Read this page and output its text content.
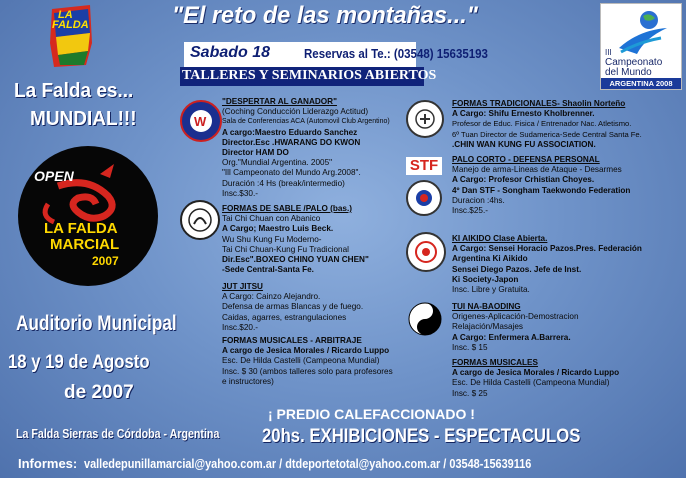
LA
FALDA	"El reto de las montañas..."
Sabado 18	Reservas al Te.: (03548) 15635193
TALLERES Y SEMINARIOS ABIERTOS
III
Campeonato
del Mundo
ARGENTINA 2008
La Falda es...
MUNDIAL!!!
OPEN
LA FALDA
MARCIAL
2007
Auditorio Municipal
18 y 19 de Agosto
de 2007
La Falda Sierras de Córdoba - Argentina
W
"DESPERTAR AL GANADOR"
(Coching Conducción Liderazgo Actitud)
Sala de Conferencias ACA (Automovil Club Argentino)
A cargo:Maestro Eduardo Sanchez
Director.Esc .HWARANG DO KWON
Director HAM DO
Org."Mundial Argentina. 2005"
"Ill Campeonato del Mundo Arg.2008".
Duración :4 Hs (break/intermedio)
Insc.$30.-
FORMAS DE SABLE /PALO (bas.)
Tai Chi Chuan con Abanico
A Cargo; Maestro Luis Beck.
Wu Shu Kung Fu Moderno-
Tai Chi Chuan-Kung Fu Tradicional
Dir.Esc".BOXEO CHINO YUAN CHEN"
-Sede Central-Santa Fe.
JUT JITSU
A Cargo: Cainzo Alejandro.
Defensa de armas Blancas y de fuego.
Caidas, agarres, estrangulaciones
Insc.$20.-
FORMAS MUSICALES - ARBITRAJE
A cargo de Jesica Morales / Ricardo Luppo
Esc. De Hilda Castelli (Campeona Mundial)
Insc. $ 30 (ambos talleres solo para profesores
e instructores)
STF
FORMAS TRADICIONALES- Shaolin Norteño
A Cargo: Shifu Ernesto Kholbrenner.
Profesor de Educ. Fisica / Entrenador Nac. Atletismo.
6º Tuan Director de Sudamerica-Sede Central Santa Fe.
.CHIN WAN KUNG FU ASSOCIATION.
PALO CORTO - DEFENSA PERSONAL
Manejo de arma-Lineas de Ataque - Desarmes
A Cargo: Profesor Crhistian Choyes.
4º Dan STF - Songham Taekwondo Federation
Duracion :4hs.
Insc.$25.-
KI AIKIDO Clase Abierta.
A Cargo: Sensei Horacio Pazos.Pres. Federación
Argentina Ki Aikido
Sensei Diego Pazos. Jefe de Inst.
Ki Society-Japon
Insc. Libre y Gratuita.
TUI NA-BAODING
Origenes-Aplicación-Demostracion
Relajación/Masajes
A Cargo: Enfermera A.Barrera.
Insc. $ 15
FORMAS MUSICALES
A cargo de Jesica Morales / Ricardo Luppo
Esc. De Hilda Castelli (Campeona Mundial)
Insc. $ 25
¡ PREDIO CALEFACCIONADO !
20hs. EXHIBICIONES - ESPECTACULOS
Informes: valledepunillamarcial@yahoo.com.ar / dtdeportetotal@yahoo.com.ar / 03548-15639116
